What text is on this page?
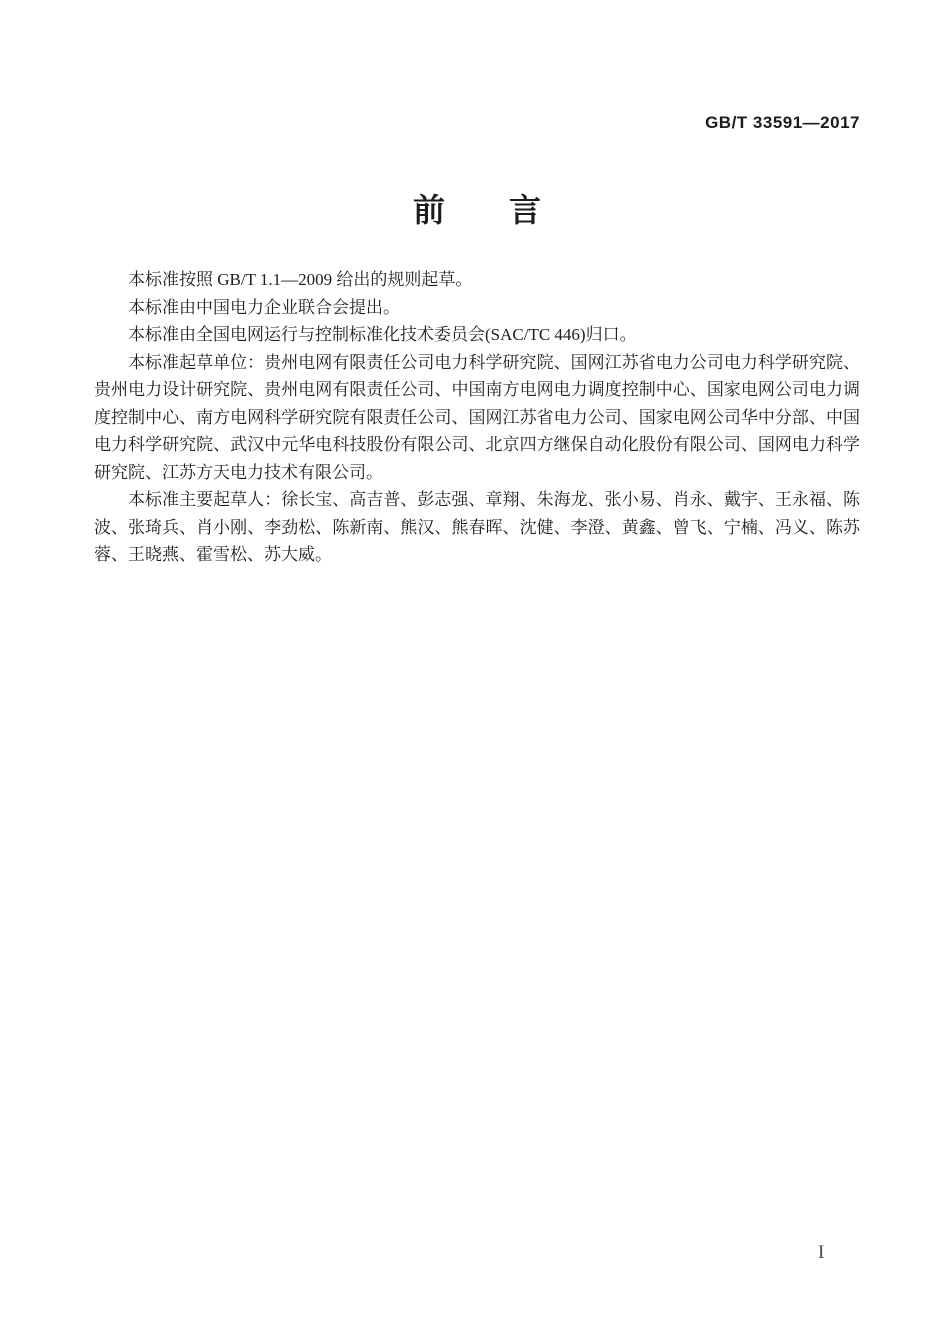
GB/T 33591—2017
前　　言

本标准按照 GB/T 1.1—2009 给出的规则起草。

本标准由中国电力企业联合会提出。

本标准由全国电网运行与控制标准化技术委员会(SAC/TC 446)归口。

本标准起草单位：贵州电网有限责任公司电力科学研究院、国网江苏省电力公司电力科学研究院、贵州电力设计研究院、贵州电网有限责任公司、中国南方电网电力调度控制中心、国家电网公司电力调度控制中心、南方电网科学研究院有限责任公司、国网江苏省电力公司、国家电网公司华中分部、中国电力科学研究院、武汉中元华电科技股份有限公司、北京四方继保自动化股份有限公司、国网电力科学研究院、江苏方天电力技术有限公司。

本标准主要起草人：徐长宝、高吉普、彭志强、章翔、朱海龙、张小易、肖永、戴宇、王永福、陈波、张琦兵、肖小刚、李劲松、陈新南、熊汉、熊春晖、沈健、李澄、黄鑫、曾飞、宁楠、冯义、陈苏蓉、王晓燕、霍雪松、苏大威。

I
